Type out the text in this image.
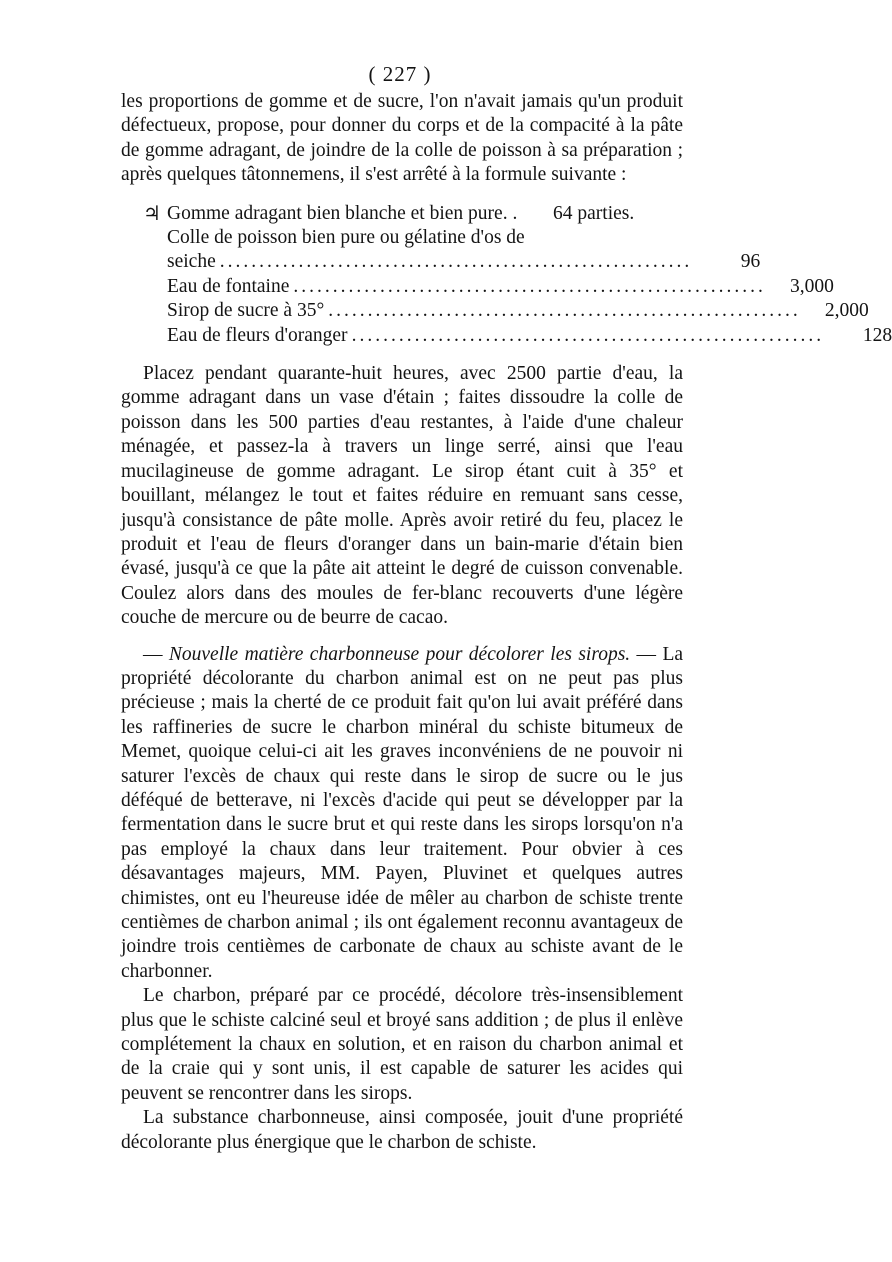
( 227 )

les proportions de gomme et de sucre, l'on n'avait jamais qu'un produit défectueux, propose, pour donner du corps et de la compacité à la pâte de gomme adragant, de joindre de la colle de poisson à sa préparation ; après quelques tâtonnemens, il s'est arrêté à la formule suivante :

♃ Gomme adragant bien blanche et bien pure. .	64 parties.
Colle de poisson bien pure ou gélatine d'os de
seiche ............................................................	96
Eau de fontaine ............................................................	3,000
Sirop de sucre à 35° ............................................................	2,000
Eau de fleurs d'oranger ............................................................	128

Placez pendant quarante-huit heures, avec 2500 partie d'eau, la gomme adragant dans un vase d'étain ; faites dissoudre la colle de poisson dans les 500 parties d'eau restantes, à l'aide d'une chaleur ménagée, et passez-la à travers un linge serré, ainsi que l'eau mucilagineuse de gomme adragant. Le sirop étant cuit à 35° et bouillant, mélangez le tout et faites réduire en remuant sans cesse, jusqu'à consistance de pâte molle. Après avoir retiré du feu, placez le produit et l'eau de fleurs d'oranger dans un bain-marie d'étain bien évasé, jusqu'à ce que la pâte ait atteint le degré de cuisson convenable. Coulez alors dans des moules de fer-blanc recouverts d'une légère couche de mercure ou de beurre de cacao.

— Nouvelle matière charbonneuse pour décolorer les sirops. — La propriété décolorante du charbon animal est on ne peut pas plus précieuse ; mais la cherté de ce produit fait qu'on lui avait préféré dans les raffineries de sucre le charbon minéral du schiste bitumeux de Memet, quoique celui-ci ait les graves inconvéniens de ne pouvoir ni saturer l'excès de chaux qui reste dans le sirop de sucre ou le jus déféqué de betterave, ni l'excès d'acide qui peut se développer par la fermentation dans le sucre brut et qui reste dans les sirops lorsqu'on n'a pas employé la chaux dans leur traitement. Pour obvier à ces désavantages majeurs, MM. Payen, Pluvinet et quelques autres chimistes, ont eu l'heureuse idée de mêler au charbon de schiste trente centièmes de charbon animal ; ils ont également reconnu avantageux de joindre trois centièmes de carbonate de chaux au schiste avant de le charbonner.

Le charbon, préparé par ce procédé, décolore très-insensiblement plus que le schiste calciné seul et broyé sans addition ; de plus il enlève complétement la chaux en solution, et en raison du charbon animal et de la craie qui y sont unis, il est capable de saturer les acides qui peuvent se rencontrer dans les sirops.

La substance charbonneuse, ainsi composée, jouit d'une propriété décolorante plus énergique que le charbon de schiste.
